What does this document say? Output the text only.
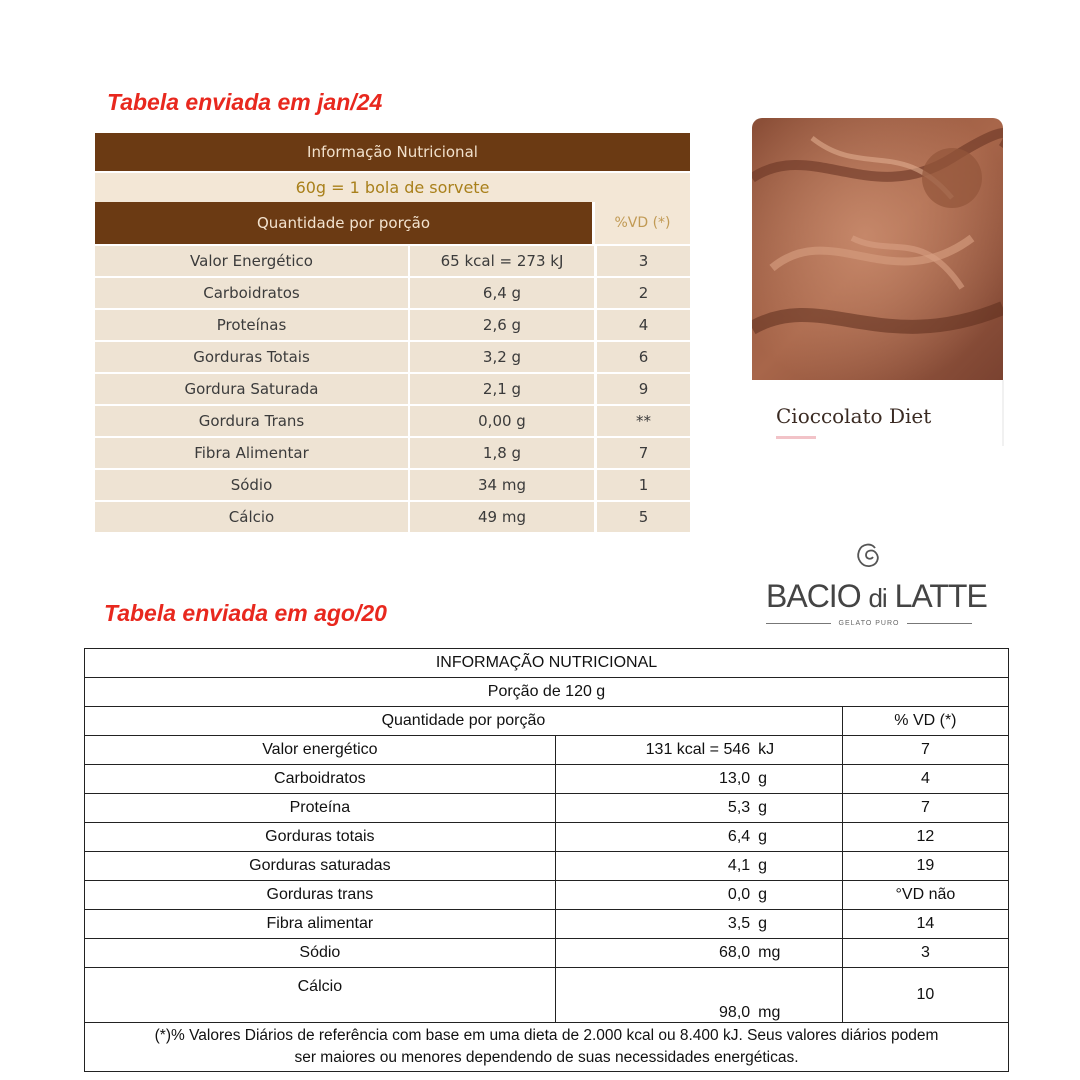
Tabela enviada em jan/24
Informação Nutricional
60g = 1 bola de sorvete
Quantidade por porção	%VD (*)
Valor Energético	65 kcal = 273 kJ	3
Carboidratos	6,4 g	2
Proteínas	2,6 g	4
Gorduras Totais	3,2 g	6
Gordura Saturada	2,1 g	9
Gordura Trans	0,00 g	**
Fibra Alimentar	1,8 g	7
Sódio	34 mg	1
Cálcio	49 mg	5
Cioccolato Diet
BACIO di LATTE
GELATO PURO
Tabela enviada em ago/20
INFORMAÇÃO NUTRICIONAL			
Porção de 120 g			
Quantidade por porção			% VD (*)
Valor energético	131 kcal = 546	kJ	7
Carboidratos	13,0	g	4
Proteína	5,3	g	7
Gorduras totais	6,4	g	12
Gorduras saturadas	4,1	g	19
Gorduras trans	0,0	g	°VD não
Fibra alimentar	3,5	g	14
Sódio	68,0	mg	3
Cálcio	98,0	mg	10

(*)% Valores Diários de referência com base em uma dieta de 2.000 kcal ou 8.400 kJ. Seus valores diários podem
ser maiores ou menores dependendo de suas necessidades energéticas.			
